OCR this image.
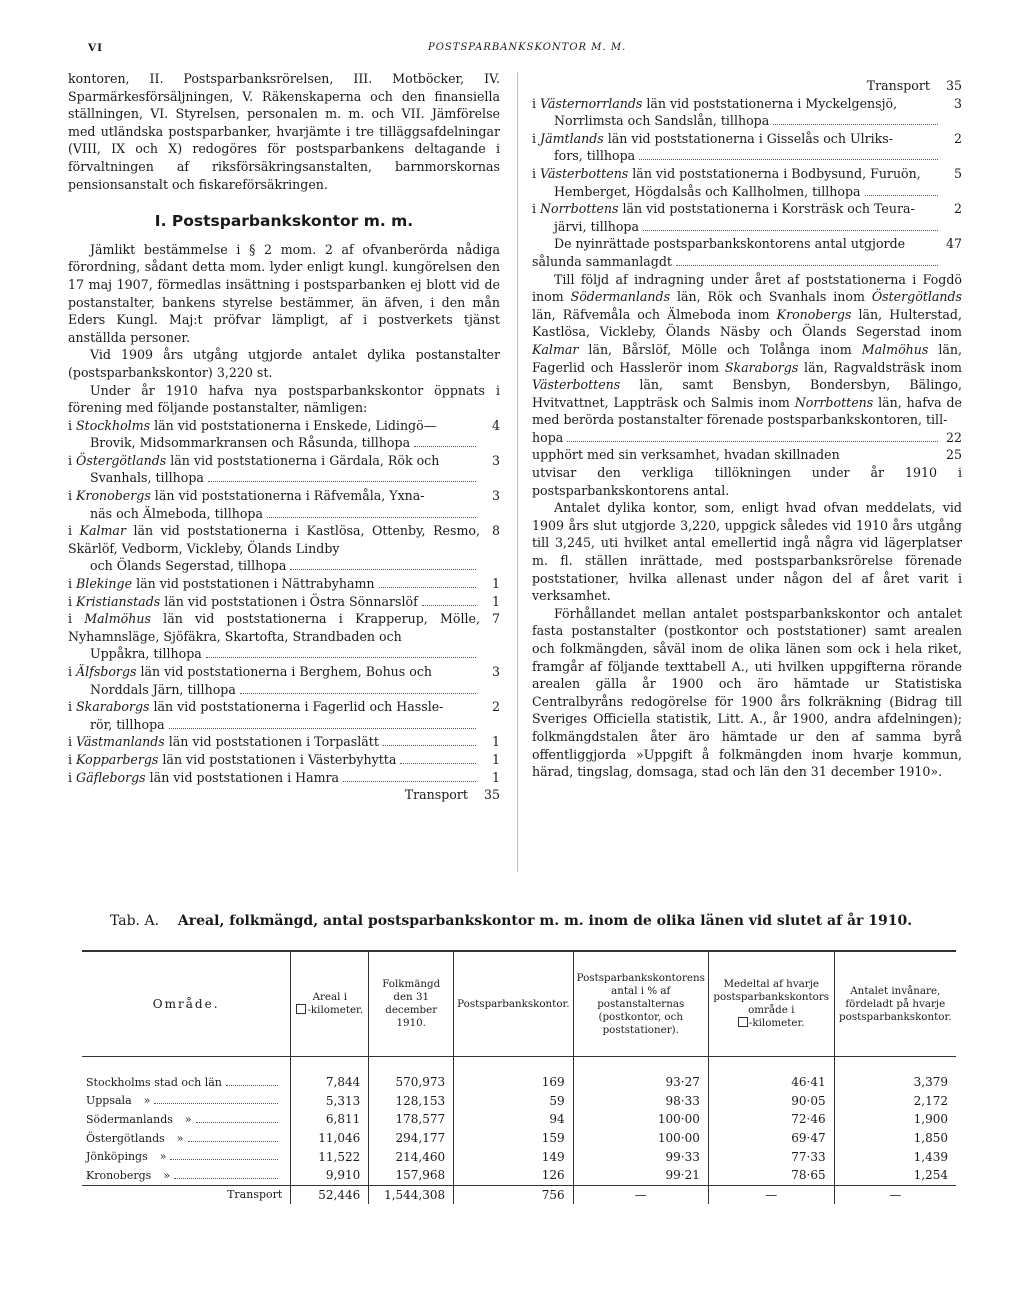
VI	POSTSPARBANKSKONTOR M. M.

kontoren, II. Postsparbanksrörelsen, III. Motböcker, IV. Sparmärkesförsäljningen, V. Räkenskaperna och den finansiella ställningen, VI. Styrelsen, personalen m. m. och VII. Jämförelse med utländska postsparbanker, hvarjämte i tre tilläggsafdelningar (VIII, IX och X) redogöres för postsparbankens deltagande i förvaltningen af riksförsäkringsanstalten, barnmorskornas pensionsanstalt och fiskareförsäkringen.

I. Postsparbankskontor m. m.

Jämlikt bestämmelse i § 2 mom. 2 af ofvanberörda nådiga förordning, sådant detta mom. lyder enligt kungl. kungörelsen den 17 maj 1907, förmedlas insättning i postsparbanken ej blott vid de postanstalter, bankens styrelse bestämmer, än äfven, i den mån Eders Kungl. Maj:t pröfvar lämpligt, af i postverkets tjänst anställda personer.

Vid 1909 års utgång utgjorde antalet dylika postanstalter (postsparbankskontor) 3,220 st.

Under år 1910 hafva nya postsparbankskontor öppnats i förening med följande postanstalter, nämligen:

i Stockholms län vid poststationerna i Enskede, Lidingö—
Brovik, Midsommarkransen och Råsunda, tillhopa
4
i Östergötlands län vid poststationerna i Gärdala, Rök och
Svanhals, tillhopa
3
i Kronobergs län vid poststationerna i Räfvemåla, Yxna-
näs och Älmeboda, tillhopa
3
i Kalmar län vid poststationerna i Kastlösa, Ottenby, Resmo, Skärlöf, Vedborm, Vickleby, Ölands Lindby
och Ölands Segerstad, tillhopa
8
i Blekinge län vid poststationen i Nättrabyhamn	1
i Kristianstads län vid poststationen i Östra Sönnarslöf	1
i Malmöhus län vid poststationerna i Krapperup, Mölle, Nyhamnsläge, Sjöfäkra, Skartofta, Strandbaden och
Uppåkra, tillhopa
7
i Älfsborgs län vid poststationerna i Berghem, Bohus och
Norddals Järn, tillhopa
3
i Skaraborgs län vid poststationerna i Fagerlid och Hassle-
rör, tillhopa
2
i Västmanlands län vid poststationen i Torpaslätt	1
i Kopparbergs län vid poststationen i Västerbyhytta	1
i Gäfleborgs län vid poststationen i Hamra	1
Transport 35
Transport 35
i Västernorrlands län vid poststationerna i Myckelgensjö,
Norrlimsta och Sandslån, tillhopa
3
i Jämtlands län vid poststationerna i Gisselås och Ulriks-
fors, tillhopa
2
i Västerbottens län vid poststationerna i Bodbysund, Furuön,
Hemberget, Högdalsås och Kallholmen, tillhopa
5
i Norrbottens län vid poststationerna i Korsträsk och Teura-
järvi, tillhopa
2
De nyinrättade postsparbankskontorens antal utgjorde
sålunda sammanlagdt
47

Till följd af indragning under året af poststationerna i Fogdö inom Södermanlands län, Rök och Svanhals inom Östergötlands län, Räfvemåla och Älmeboda inom Kronobergs län, Hulterstad, Kastlösa, Vickleby, Ölands Näsby och Ölands Segerstad inom Kalmar län, Bårslöf, Mölle och Tolånga inom Malmöhus län, Fagerlid och Hasslerör inom Skaraborgs län, Ragvaldsträsk inom Västerbottens län, samt Bensbyn, Bondersbyn, Bälingo, Hvitvattnet, Lappträsk och Salmis inom Norrbottens län, hafva de med berörda postanstalter förenade postsparbankskontoren, till-

hopa	22
upphört med sin verksamhet, hvadan skillnaden	25

utvisar den verkliga tillökningen under år 1910 i postsparbankskontorens antal.

Antalet dylika kontor, som, enligt hvad ofvan meddelats, vid 1909 års slut utgjorde 3,220, uppgick således vid 1910 års utgång till 3,245, uti hvilket antal emellertid ingå några vid lägerplatser m. fl. ställen inrättade, med postsparbanksrörelse förenade poststationer, hvilka allenast under någon del af året varit i verksamhet.

Förhållandet mellan antalet postsparbankskontor och antalet fasta postanstalter (postkontor och poststationer) samt arealen och folkmängden, såväl inom de olika länen som ock i hela riket, framgår af följande texttabell A., uti hvilken uppgifterna rörande arealen gälla år 1900 och äro hämtade ur Statistiska Centralbyråns redogörelse för 1900 års folkräkning (Bidrag till Sveriges Officiella statistik, Litt. A., år 1900, andra afdelningen); folkmängdstalen åter äro hämtade ur den af samma byrå offentliggjorda »Uppgift å folkmängden inom hvarje kommun, härad, tingslag, domsaga, stad och län den 31 december 1910».

Tab. A. Areal, folkmängd, antal postsparbankskontor m. m. inom de olika länen vid slutet af år 1910.
Område.	Areal i
-kilometer.	Folkmängd den 31 december 1910.	Postsparbankskontor.	Postsparbankskontorens antal i % af postanstalternas (postkontor, och poststationer).	Medeltal af hvarje postsparbankskontors område i
-kilometer.	Antalet invånare, fördeladt på hvarje postsparbankskontor.

Stockholms stad och län	7,844	570,973	169	93·27	46·41	3,379

Uppsala »	5,313	128,153	59	98·33	90·05	2,172

Södermanlands »	6,811	178,577	94	100·00	72·46	1,900

Östergötlands »	11,046	294,177	159	100·00	69·47	1,850

Jönköpings »	11,522	214,460	149	99·33	77·33	1,439

Kronobergs »	9,910	157,968	126	99·21	78·65	1,254
Transport	52,446	1,544,308	756	—	—	—
